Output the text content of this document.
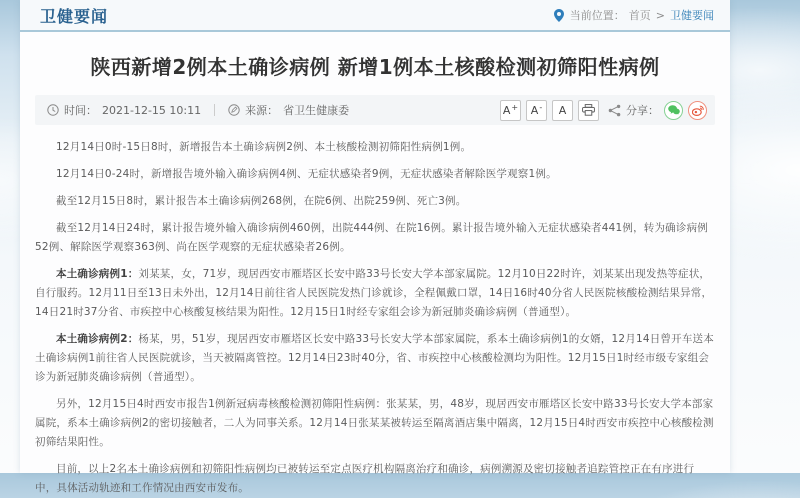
卫健要闻	当前位置： 首页 > 卫健要闻
陕西新增2例本土确诊病例 新增1例本土核酸检测初筛阳性病例
时间： 2021-12-15 10:11	来源： 省卫生健康委	A + A -	A	分享：

12月14日0时-15日8时，新增报告本土确诊病例2例、本土核酸检测初筛阳性病例1例。

12月14日0-24时，新增报告境外输入确诊病例4例、无症状感染者9例，无症状感染者解除医学观察1例。

截至12月15日8时，累计报告本土确诊病例268例，在院6例、出院259例、死亡3例。

截至12月14日24时，累计报告境外输入确诊病例460例，出院444例、在院16例。累计报告境外输入无症状感染者441例，转为确诊病例52例、解除医学观察363例、尚在医学观察的无症状感染者26例。

本土确诊病例1：刘某某，女，71岁，现居西安市雁塔区长安中路33号长安大学本部家属院。12月10日22时许，刘某某出现发热等症状，自行服药。12月11日至13日未外出，12月14日前往省人民医院发热门诊就诊，全程佩戴口罩，14日16时40分省人民医院核酸检测结果异常，14日21时37分省、市疾控中心核酸复核结果为阳性。12月15日1时经专家组会诊为新冠肺炎确诊病例（普通型）。

本土确诊病例2：杨某，男，51岁，现居西安市雁塔区长安中路33号长安大学本部家属院，系本土确诊病例1的女婿，12月14日曾开车送本土确诊病例1前往省人民医院就诊，当天被隔离管控。12月14日23时40分，省、市疾控中心核酸检测均为阳性。12月15日1时经市级专家组会诊为新冠肺炎确诊病例（普通型）。

另外，12月15日4时西安市报告1例新冠病毒核酸检测初筛阳性病例：张某某，男，48岁，现居西安市雁塔区长安中路33号长安大学本部家属院，系本土确诊病例2的密切接触者，二人为同事关系。12月14日张某某被转运至隔离酒店集中隔离，12月15日4时西安市疾控中心核酸检测初筛结果阳性。

目前，以上2名本土确诊病例和初筛阳性病例均已被转运至定点医疗机构隔离治疗和确诊，病例溯源及密切接触者追踪管控正在有序进行中，具体活动轨迹和工作情况由西安市发布。
